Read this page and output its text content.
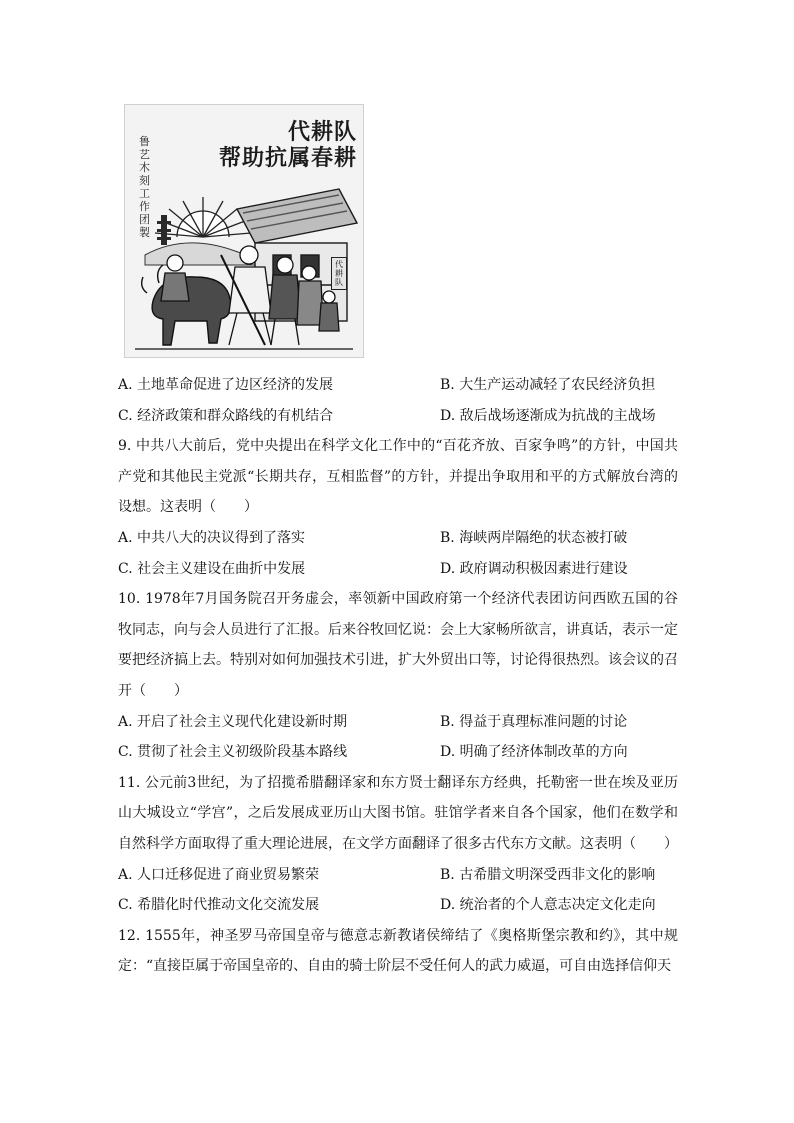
代耕队
帮助抗属春耕
鲁艺木刻工作团製
代耕队
A. 土地革命促进了边区经济的发展	B. 大生产运动减轻了农民经济负担
C. 经济政策和群众路线的有机结合	D. 敌后战场逐渐成为抗战的主战场

9. 中共八大前后，党中央提出在科学文化工作中的“百花齐放、百家争鸣”的方针，中国共产党和其他民主党派“长期共存，互相监督”的方针，并提出争取用和平的方式解放台湾的设想。这表明（　　）

A. 中共八大的决议得到了落实	B. 海峡两岸隔绝的状态被打破
C. 社会主义建设在曲折中发展	D. 政府调动积极因素进行建设

10. 1978年7月国务院召开务虚会，率领新中国政府第一个经济代表团访问西欧五国的谷牧同志，向与会人员进行了汇报。后来谷牧回忆说：会上大家畅所欲言，讲真话，表示一定要把经济搞上去。特别对如何加强技术引进，扩大外贸出口等，讨论得很热烈。该会议的召开（　　）

A. 开启了社会主义现代化建设新时期	B. 得益于真理标准问题的讨论
C. 贯彻了社会主义初级阶段基本路线	D. 明确了经济体制改革的方向

11. 公元前3世纪，为了招揽希腊翻译家和东方贤士翻译东方经典，托勒密一世在埃及亚历山大城设立“学宫”，之后发展成亚历山大图书馆。驻馆学者来自各个国家，他们在数学和自然科学方面取得了重大理论进展，在文学方面翻译了很多古代东方文献。这表明（　　）

A. 人口迁移促进了商业贸易繁荣	B. 古希腊文明深受西非文化的影响
C. 希腊化时代推动文化交流发展	D. 统治者的个人意志决定文化走向

12. 1555年，神圣罗马帝国皇帝与德意志新教诸侯缔结了《奥格斯堡宗教和约》，其中规定：“直接臣属于帝国皇帝的、自由的骑士阶层不受任何人的武力威逼，可自由选择信仰天
